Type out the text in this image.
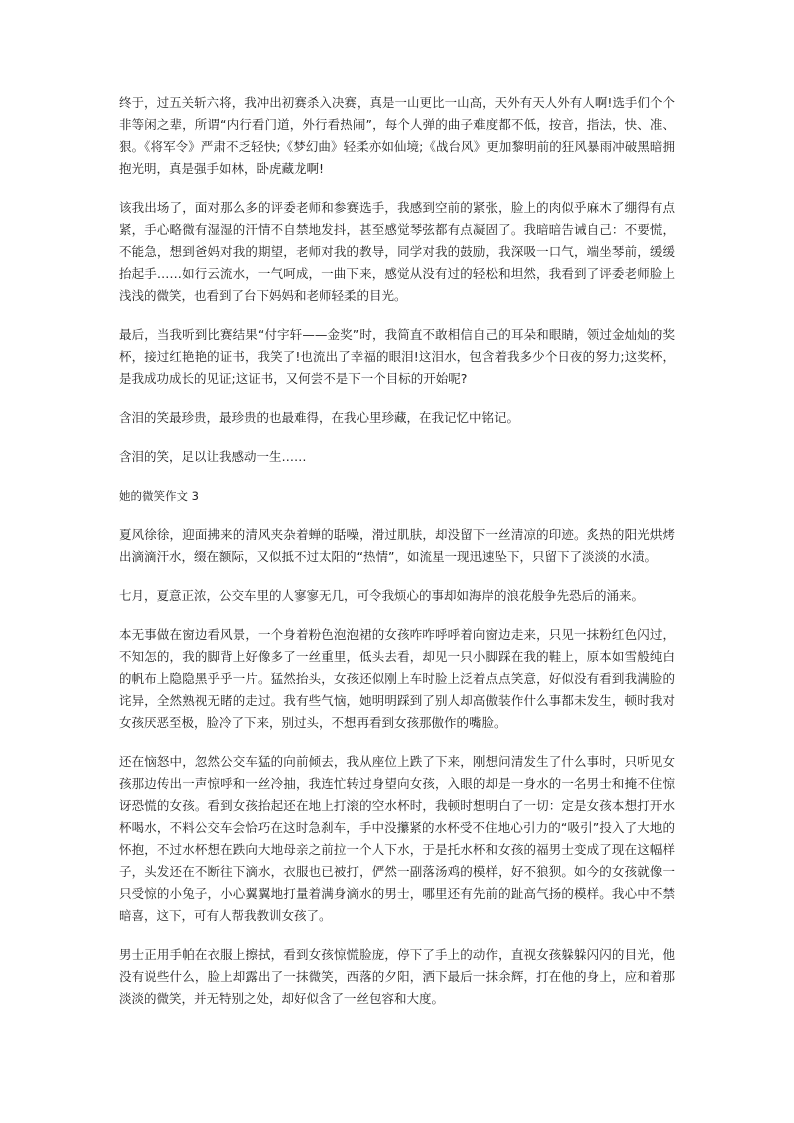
终于，过五关斩六将，我冲出初赛杀入决赛，真是一山更比一山高，天外有天人外有人啊!选手们个个非等闲之辈，所谓“内行看门道，外行看热闹”，每个人弹的曲子难度都不低，按音，指法，快、准、狠。《将军令》严肃不乏轻快;《梦幻曲》轻柔亦如仙境;《战台风》更加黎明前的狂风暴雨冲破黑暗拥抱光明，真是强手如林，卧虎藏龙啊!

该我出场了，面对那么多的评委老师和参赛选手，我感到空前的紧张，脸上的肉似乎麻木了绷得有点紧，手心略微有湿湿的汗情不自禁地发抖，甚至感觉琴弦都有点凝固了。我暗暗告诫自己：不要慌，不能急，想到爸妈对我的期望，老师对我的教导，同学对我的鼓励，我深吸一口气，端坐琴前，缓缓抬起手……如行云流水，一气呵成，一曲下来，感觉从没有过的轻松和坦然，我看到了评委老师脸上浅浅的微笑，也看到了台下妈妈和老师轻柔的目光。

最后，当我听到比赛结果“付宇轩——金奖”时，我简直不敢相信自己的耳朵和眼睛，领过金灿灿的奖杯，接过红艳艳的证书，我笑了!也流出了幸福的眼泪!这泪水，包含着我多少个日夜的努力;这奖杯，是我成功成长的见证;这证书，又何尝不是下一个目标的开始呢?

含泪的笑最珍贵，最珍贵的也最难得，在我心里珍藏，在我记忆中铭记。

含泪的笑，足以让我感动一生……

她的微笑作文 3

夏风徐徐，迎面拂来的清风夹杂着蝉的聒噪，滑过肌肤，却没留下一丝清凉的印迹。炙热的阳光烘烤出滴滴汗水，缀在额际，又似抵不过太阳的“热情”，如流星一现迅速坠下，只留下了淡淡的水渍。

七月，夏意正浓，公交车里的人寥寥无几，可令我烦心的事却如海岸的浪花般争先恐后的涌来。

本无事做在窗边看风景，一个身着粉色泡泡裙的女孩咋咋呼呼着向窗边走来，只见一抹粉红色闪过，不知怎的，我的脚背上好像多了一丝重里，低头去看，却见一只小脚踩在我的鞋上，原本如雪般纯白的帆布上隐隐黑乎乎一片。猛然抬头，女孩还似刚上车时脸上泛着点点笑意，好似没有看到我满脸的诧异，全然熟视无睹的走过。我有些气恼，她明明踩到了别人却高傲装作什么事都未发生，顿时我对女孩厌恶至极，脸冷了下来，别过头，不想再看到女孩那傲作的嘴脸。

还在恼怒中，忽然公交车猛的向前倾去，我从座位上跌了下来，刚想问清发生了什么事时，只听见女孩那边传出一声惊呼和一丝冷抽，我连忙转过身望向女孩，入眼的却是一身水的一名男士和掩不住惊讶恐慌的女孩。看到女孩抬起还在地上打滚的空水杯时，我顿时想明白了一切：定是女孩本想打开水杯喝水，不料公交车会恰巧在这时急刹车，手中没攥紧的水杯受不住地心引力的“吸引”投入了大地的怀抱，不过水杯想在跌向大地母亲之前拉一个人下水，于是托水杯和女孩的福男士变成了现在这幅样子，头发还在不断往下滴水，衣服也已被打，俨然一副落汤鸡的模样，好不狼狈。如今的女孩就像一只受惊的小兔子，小心翼翼地打量着满身滴水的男士，哪里还有先前的趾高气扬的模样。我心中不禁暗喜，这下，可有人帮我教训女孩了。

男士正用手帕在衣服上擦拭，看到女孩惊慌脸庞，停下了手上的动作，直视女孩躲躲闪闪的目光，他没有说些什么，脸上却露出了一抹微笑，西落的夕阳，洒下最后一抹余辉，打在他的身上，应和着那淡淡的微笑，并无特别之处，却好似含了一丝包容和大度。
